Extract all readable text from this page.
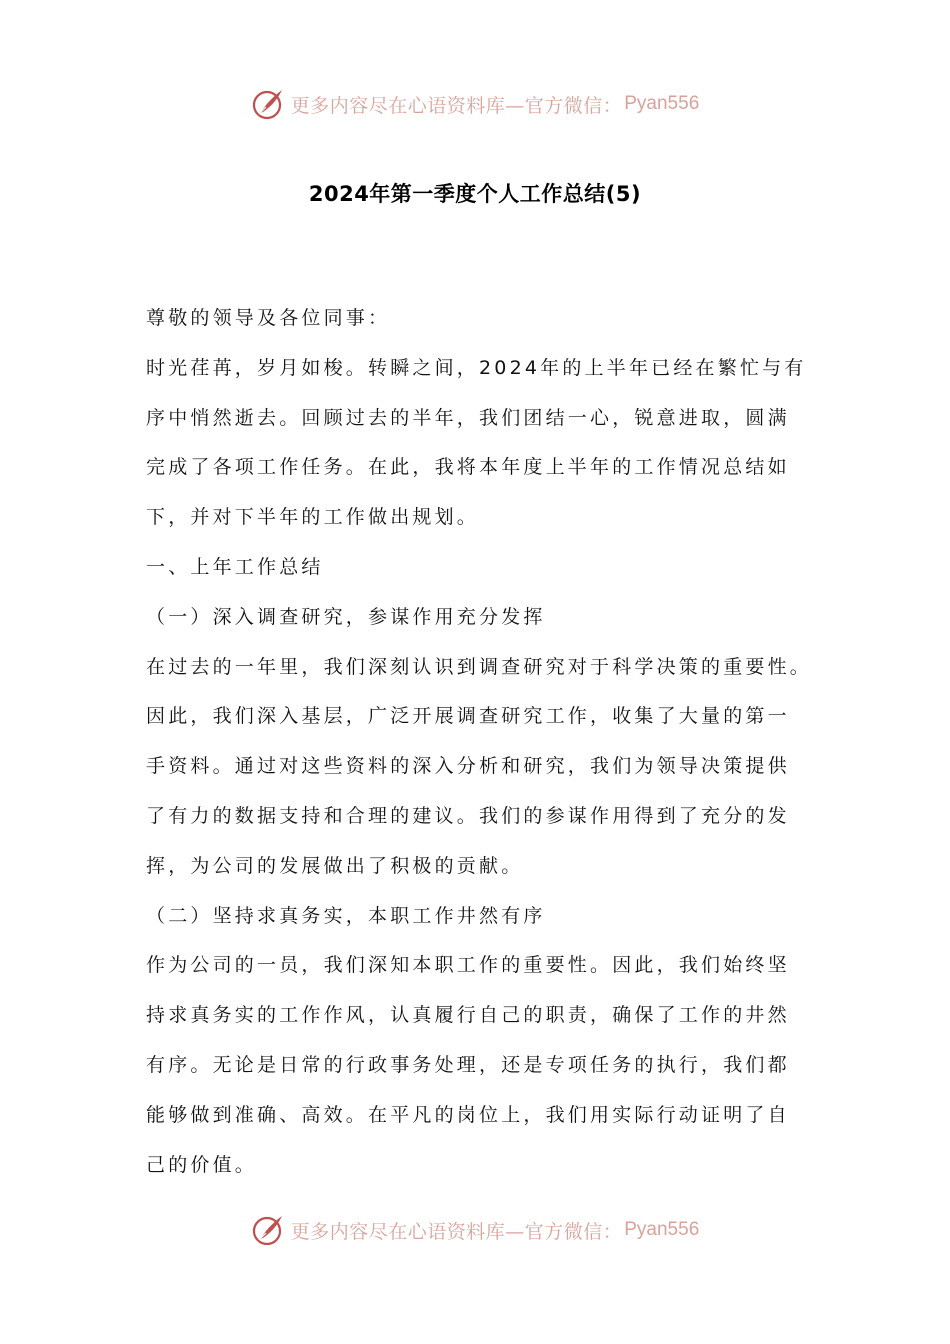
更多内容尽在心语资料库—官方微信： Pyan556
2024年第一季度个人工作总结(5)
尊敬的领导及各位同事：
时光荏苒，岁月如梭。转瞬之间，2024年的上半年已经在繁忙与有
序中悄然逝去。回顾过去的半年，我们团结一心，锐意进取，圆满
完成了各项工作任务。在此，我将本年度上半年的工作情况总结如
下，并对下半年的工作做出规划。
一、上年工作总结
（一）深入调查研究，参谋作用充分发挥
在过去的一年里，我们深刻认识到调查研究对于科学决策的重要性。
因此，我们深入基层，广泛开展调查研究工作，收集了大量的第一
手资料。通过对这些资料的深入分析和研究，我们为领导决策提供
了有力的数据支持和合理的建议。我们的参谋作用得到了充分的发
挥，为公司的发展做出了积极的贡献。
（二）坚持求真务实，本职工作井然有序
作为公司的一员，我们深知本职工作的重要性。因此，我们始终坚
持求真务实的工作作风，认真履行自己的职责，确保了工作的井然
有序。无论是日常的行政事务处理，还是专项任务的执行，我们都
能够做到准确、高效。在平凡的岗位上，我们用实际行动证明了自
己的价值。
更多内容尽在心语资料库—官方微信： Pyan556
